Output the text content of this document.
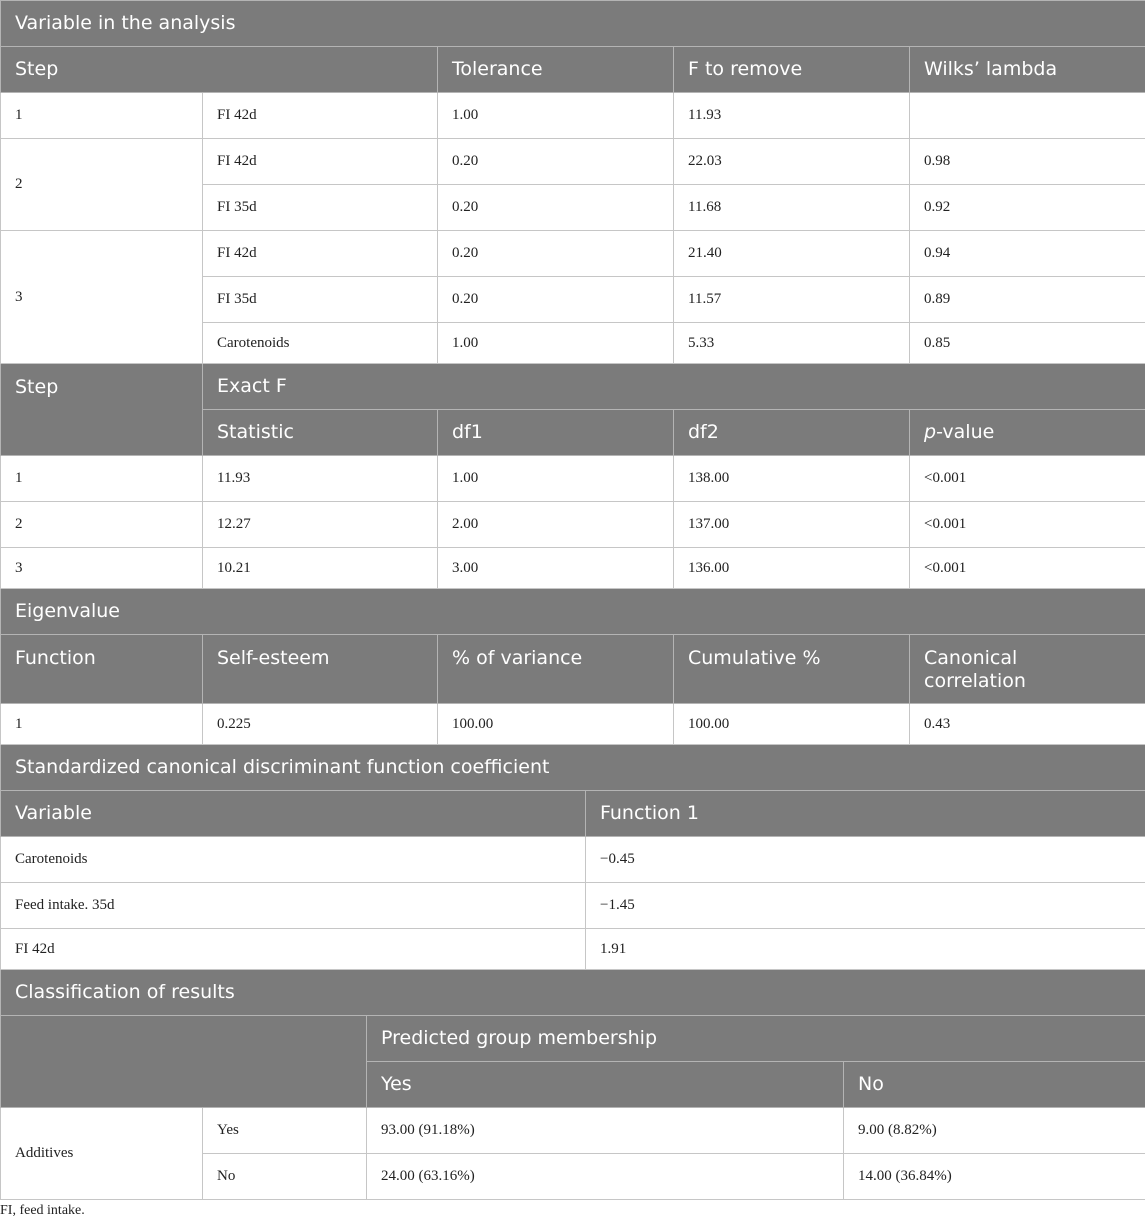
Variable in the analysis							
Step			Tolerance		F to remove		Wilks’ lambda
1	FI 42d		1.00		11.93		
2	FI 42d		0.20		22.03		0.98
	FI 35d		0.20		11.68		0.92
3	FI 42d		0.20		21.40		0.94
	FI 35d		0.20		11.57		0.89
	Carotenoids		1.00		5.33		0.85
Step	Exact F						
	Statistic		df1		df2		p-value
1	11.93		1.00		138.00		<0.001
2	12.27		2.00		137.00		<0.001
3	10.21		3.00		136.00		<0.001
Eigenvalue							
Function	Self-esteem		% of variance		Cumulative %		Canonical
correlation
1	0.225		100.00		100.00		0.43
Standardized canonical discriminant function coefficient							
Variable				Function 1			
Carotenoids				−0.45			
Feed intake. 35d				−1.45			
FI 42d				1.91			
Classification of results							
		Predicted group membership					
		Yes				No	
Additives	Yes	93.00 (91.18%)				9.00 (8.82%)	
	No	24.00 (63.16%)				14.00 (36.84%)	
FI, feed intake.
